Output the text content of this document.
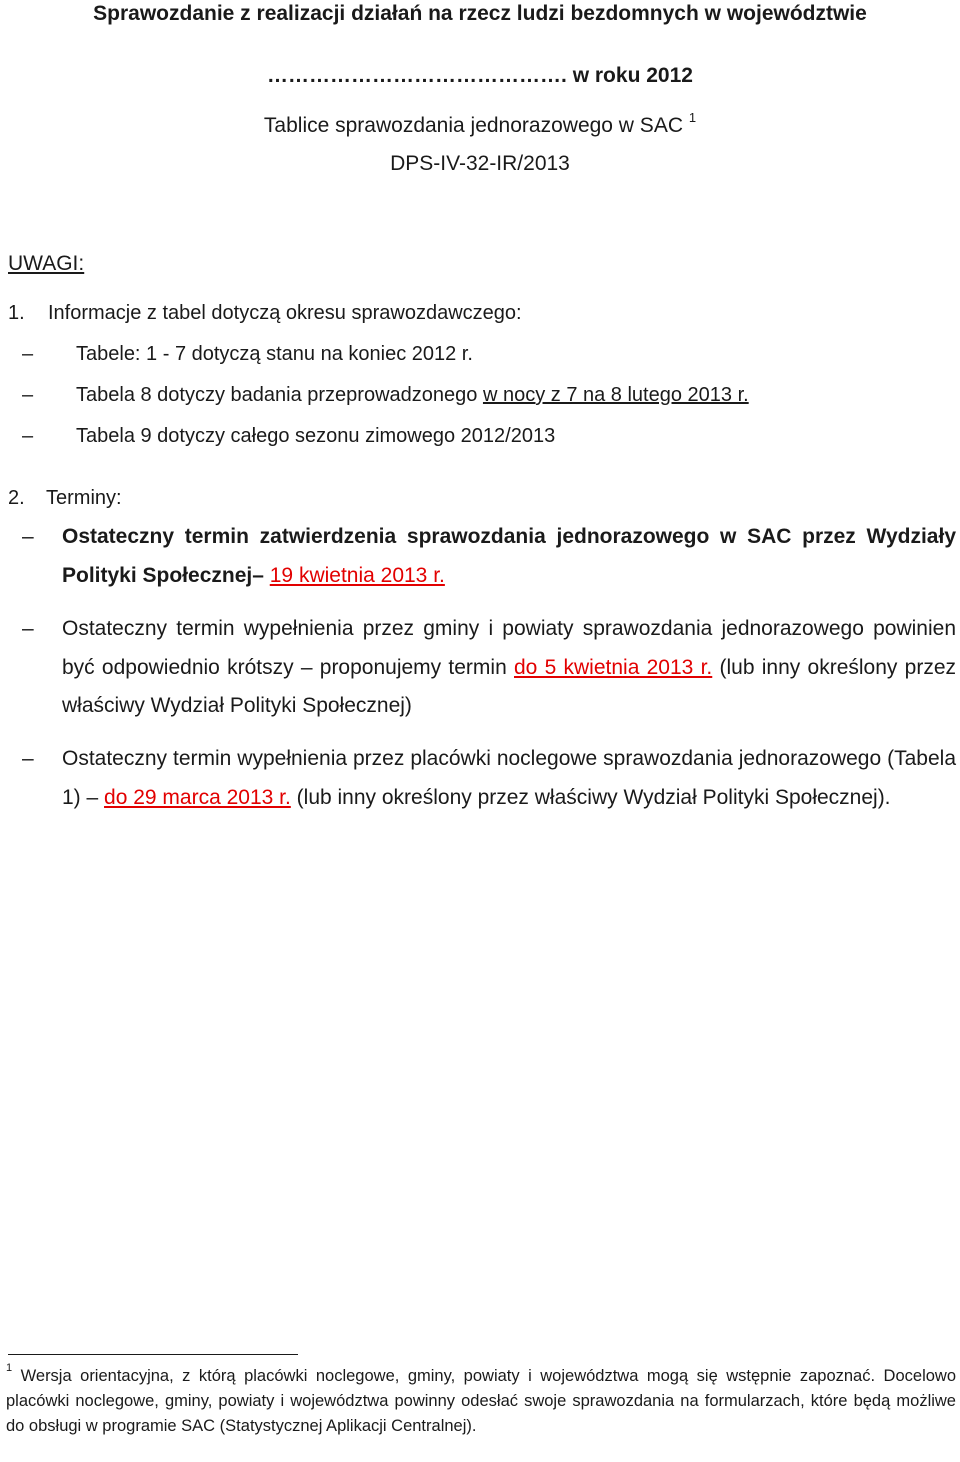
Sprawozdanie z realizacji działań na rzecz ludzi bezdomnych w województwie

……………………………………. w roku 2012

Tablice sprawozdania jednorazowego w SAC $^1$

DPS-IV-32-IR/2013

UWAGI:

1. Informacje z tabel dotyczą okresu sprawozdawczego:

– Tabele: 1 - 7 dotyczą stanu na koniec 2012 r.

– Tabela 8 dotyczy badania przeprowadzonego w nocy z 7 na 8 lutego 2013 r.

– Tabela 9 dotyczy całego sezonu zimowego 2012/2013

2. Terminy:

– Ostateczny termin zatwierdzenia sprawozdania jednorazowego w SAC przez Wydziały Polityki Społecznej– 19 kwietnia 2013 r.

– Ostateczny termin wypełnienia przez gminy i powiaty sprawozdania jednorazowego powinien być odpowiednio krótszy – proponujemy termin do 5 kwietnia 2013 r. (lub inny określony przez właściwy Wydział Polityki Społecznej)

– Ostateczny termin wypełnienia przez placówki noclegowe sprawozdania jednorazowego (Tabela 1) – do 29 marca 2013 r. (lub inny określony przez właściwy Wydział Polityki Społecznej).

$^1$ Wersja orientacyjna, z którą placówki noclegowe, gminy, powiaty i województwa mogą się wstępnie zapoznać. Docelowo placówki noclegowe, gminy, powiaty i województwa powinny odesłać swoje sprawozdania na formularzach, które będą możliwe do obsługi w programie SAC (Statystycznej Aplikacji Centralnej).
